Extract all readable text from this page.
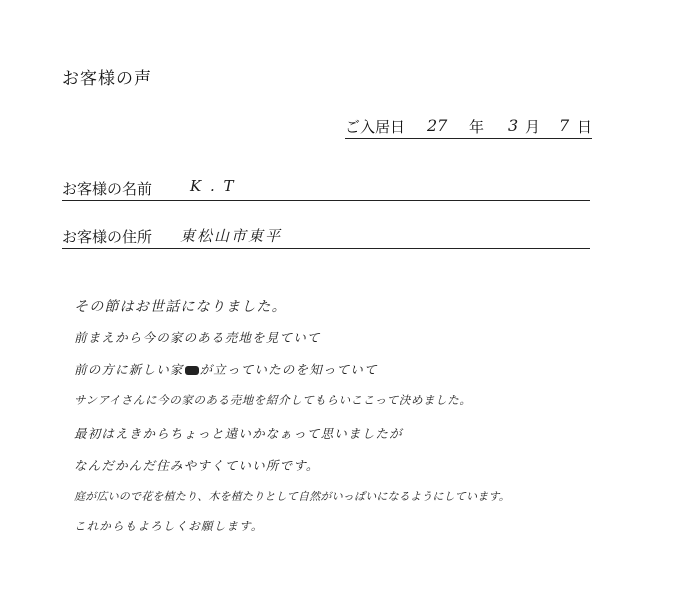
お客様の声
ご入居日 27 年 3 月 7 日
お客様の名前	K . T
お客様の住所 東松山市東平
その節はお世話になりました。
前まえから今の家のある売地を見ていて
前の方に新しい家 が立っていたのを知っていて
サンアイさんに今の家のある売地を紹介してもらいここって決めました。
最初はえきからちょっと遠いかなぁって思いましたが
なんだかんだ住みやすくていい所です。
庭が広いので花を植たり、木を植たりとして自然がいっぱいになるようにしています。
これからもよろしくお願します。
